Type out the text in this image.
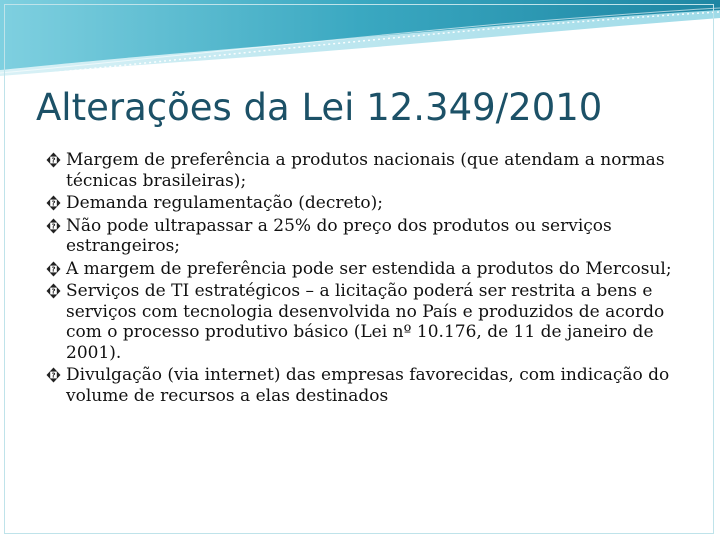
Alterações da Lei 12.349/2010
? Margem de preferência a produtos nacionais (que atendam a normas técnicas brasileiras);
? Demanda regulamentação (decreto);
? Não pode ultrapassar a 25% do preço dos produtos ou serviços estrangeiros;
? A margem de preferência pode ser estendida a produtos do Mercosul;
? Serviços de TI estratégicos – a licitação poderá ser restrita a bens e serviços com tecnologia desenvolvida no País e produzidos de acordo com o processo produtivo básico (Lei nº 10.176, de 11 de janeiro de 2001).
? Divulgação (via internet) das empresas favorecidas, com indicação do volume de recursos a elas destinados
